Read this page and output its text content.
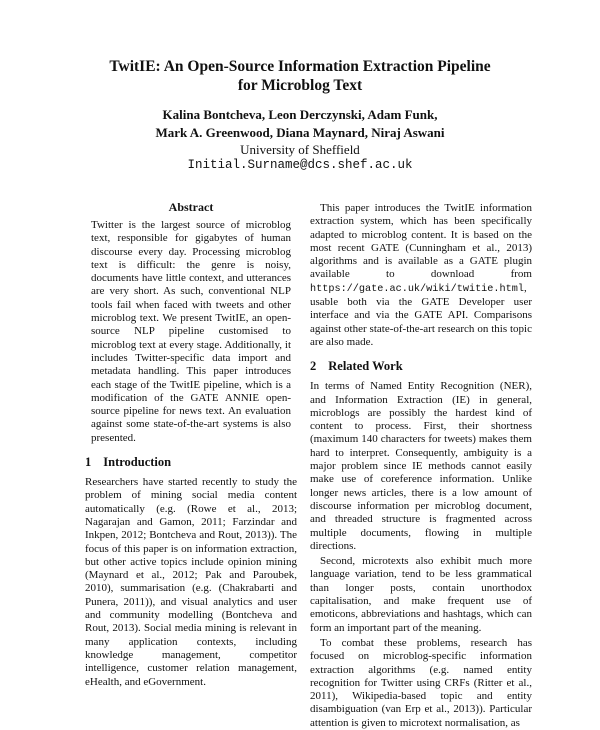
TwitIE: An Open-Source Information Extraction Pipeline
for Microblog Text
Kalina Bontcheva, Leon Derczynski, Adam Funk,
Mark A. Greenwood, Diana Maynard, Niraj Aswani
University of Sheffield
Initial.Surname@dcs.shef.ac.uk
Abstract

Twitter is the largest source of microblog text, responsible for gigabytes of human discourse every day. Processing microblog text is difficult: the genre is noisy, documents have little context, and utterances are very short. As such, conventional NLP tools fail when faced with tweets and other microblog text. We present TwitIE, an open-source NLP pipeline customised to microblog text at every stage. Additionally, it includes Twitter-specific data import and metadata handling. This paper introduces each stage of the TwitIE pipeline, which is a modification of the GATE ANNIE open-source pipeline for news text. An evaluation against some state-of-the-art systems is also presented.

1 Introduction

Researchers have started recently to study the problem of mining social media content automatically (e.g. (Rowe et al., 2013; Nagarajan and Gamon, 2011; Farzindar and Inkpen, 2012; Bontcheva and Rout, 2013)). The focus of this paper is on information extraction, but other active topics include opinion mining (Maynard et al., 2012; Pak and Paroubek, 2010), summarisation (e.g. (Chakrabarti and Punera, 2011)), and visual analytics and user and community modelling (Bontcheva and Rout, 2013). Social media mining is relevant in many application contexts, including knowledge management, competitor intelligence, customer relation management, eHealth, and eGovernment.

This paper introduces the TwitIE information extraction system, which has been specifically adapted to microblog content. It is based on the most recent GATE (Cunningham et al., 2013) algorithms and is available as a GATE plugin available to download from https://gate.ac.uk/wiki/twitie.html, usable both via the GATE Developer user interface and via the GATE API. Comparisons against other state-of-the-art research on this topic are also made.

2 Related Work

In terms of Named Entity Recognition (NER), and Information Extraction (IE) in general, microblogs are possibly the hardest kind of content to process. First, their shortness (maximum 140 characters for tweets) makes them hard to interpret. Consequently, ambiguity is a major problem since IE methods cannot easily make use of coreference information. Unlike longer news articles, there is a low amount of discourse information per microblog document, and threaded structure is fragmented across multiple documents, flowing in multiple directions.

Second, microtexts also exhibit much more language variation, tend to be less grammatical than longer posts, contain unorthodox capitalisation, and make frequent use of emoticons, abbreviations and hashtags, which can form an important part of the meaning.

To combat these problems, research has focused on microblog-specific information extraction algorithms (e.g. named entity recognition for Twitter using CRFs (Ritter et al., 2011), Wikipedia-based topic and entity disambiguation (van Erp et al., 2013)). Particular attention is given to microtext normalisation, as
